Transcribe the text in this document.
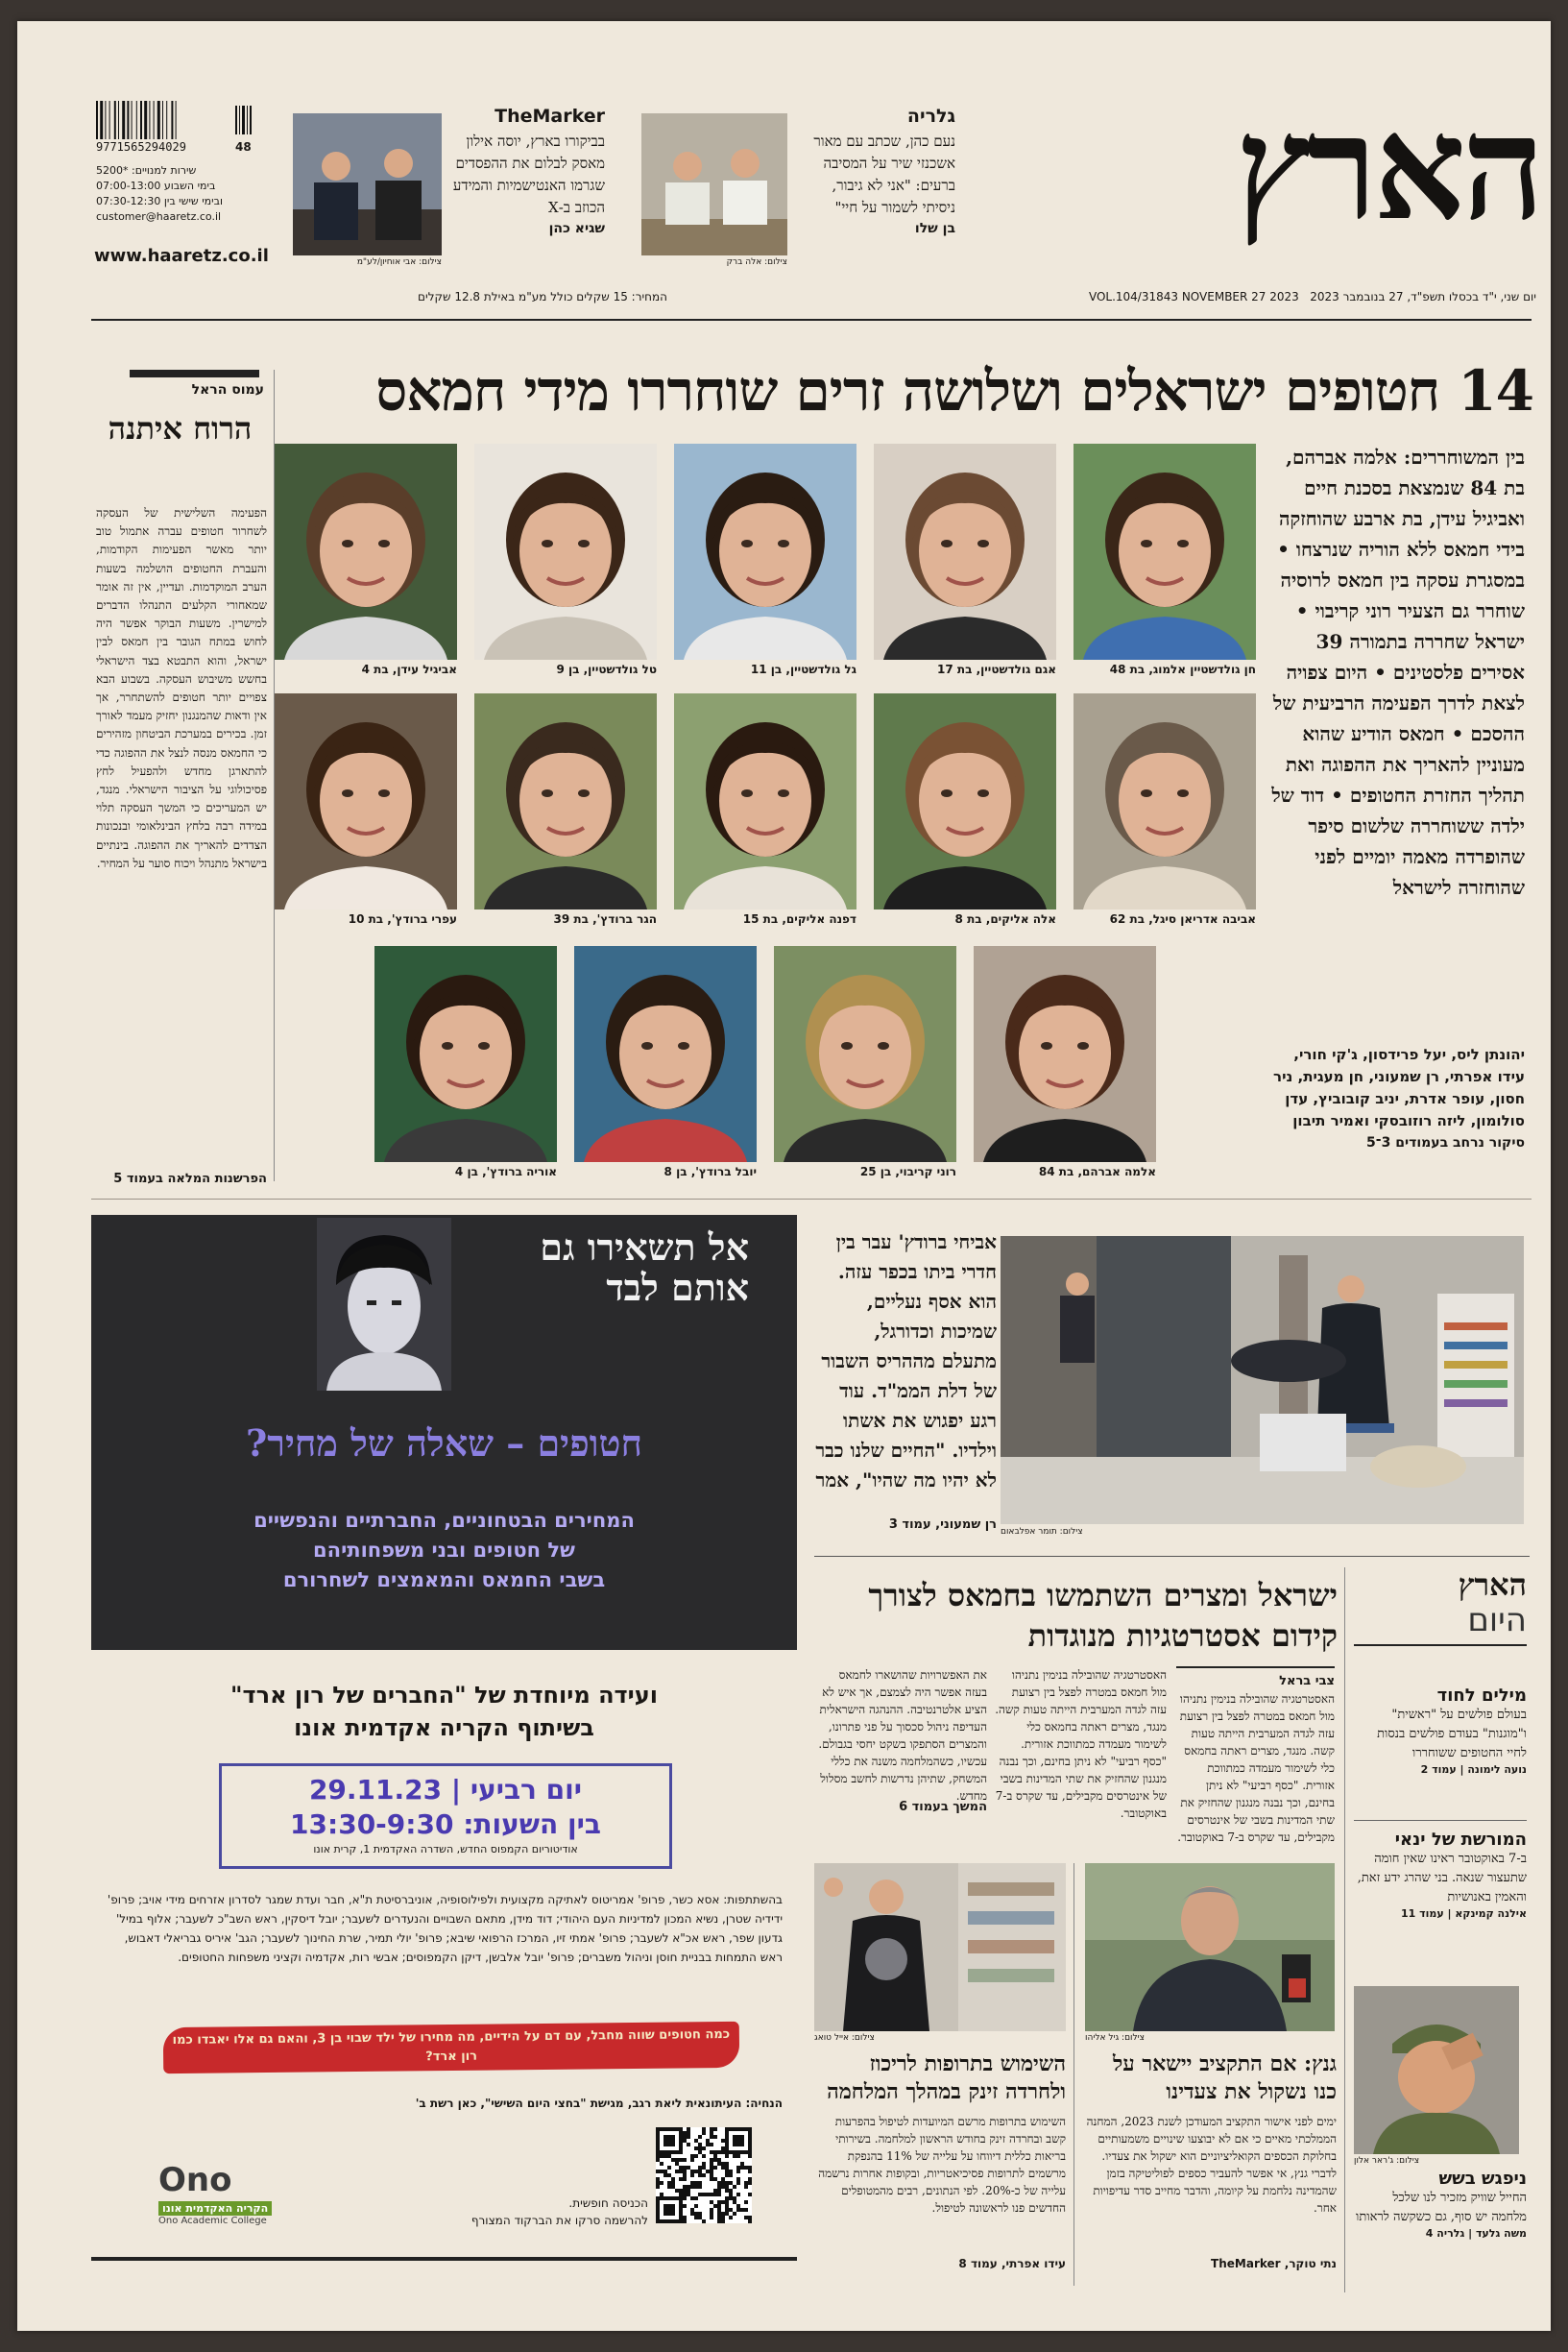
הארץ
יום שני, י"ד בכסלו תשפ"ד, 27 בנובמבר 2023   VOL.104/31843 NOVEMBER 27 2023
המחיר: 15 שקלים כולל מע"מ באילת 12.8 שקלים
9771565294029	48
שירות למנויים: *5200
בימי השבוע 07:00-13:00
ובימי שישי בין 07:30-12:30
customer@haaretz.co.il
www.haaretz.co.il	צילום: אבי אוחיון/לע"מ
TheMarker
בביקורו בארץ, יוסה אילון מאסק לבלום את ההפסדים שגרמו האנטישמיות והמידע הכוזב ב-X
שגיא כהן
צילום: אלה ברק
גלריה
נעם כהן, שכתב עם מאור אשכנזי שיר על המסיבה ברעים: "אני לא גיבור, ניסיתי לשמור על חיי"
בן שלו
14 חטופים ישראלים ושלושה זרים שוחררו מידי חמאס
בין המשוחררים: אלמה אברהם, בת 84 שנמצאת בסכנת חיים ואביגיל עידן, בת ארבע שהוחזקה בידי חמאס ללא הוריה שנרצחו • במסגרת עסקה בין חמאס לרוסיה שוחרר גם הצעיר רוני קריבוי • ישראל שחררה בתמורה 39 אסירים פלסטינים • היום צפויה לצאת לדרך הפעימה הרביעית של ההסכם • חמאס הודיע שהוא מעוניין להאריך את ההפוגה ואת תהליך החזרת החטופים • דוד של ילדה ששוחררה שלשום סיפר שהופרדה מאמה יומיים לפני שהוחזרה לישראל
יהונתן ליס, יעל פרידסון, ג'קי חורי, עידו אפרתי, רן שמעוני, חן מעגית, ניר חסון, עופר אדרת, יניב קובוביץ, עדן סולומון, ליזה רוזובסקי ואמיר תיבון
סיקור נרחב בעמודים 3־5
חן גולדשטיין אלמוג, בת 48
אגם גולדשטיין, בת 17
גל גולדשטיין, בן 11
טל גולדשטיין, בן 9
אביגיל עידן, בת 4
אביבה אדריאן סיגל, בת 62
אלה אליקים, בת 8
דפנה אליקים, בת 15
הגר ברודץ', בת 39
עפרי ברודץ', בת 10
אלמה אברהם, בת 84
רוני קריבוי, בן 25
יובל ברודץ', בן 8
אוריה ברודץ', בן 4
עמוס הראל
הרוח איתנה
הפעימה השלישית של העסקה לשחרור חטופים עברה אתמול טוב יותר מאשר הפעימות הקודמות, והעברת החטופים הושלמה בשעות הערב המוקדמות. ועדיין, אין זה אומר שמאחורי הקלעים התנהלו הדברים למישרין. משעות הבוקר אפשר היה לחוש במתח הגובר בין חמאס לבין ישראל, והוא התבטא בצד הישראלי בחשש משיבוש העסקה. בשבוע הבא צפויים יותר חטופים להשתחרר, אך אין ודאות שהמנגנון יחזיק מעמד לאורך זמן. בכירים במערכת הביטחון מזהירים כי החמאס מנסה לנצל את ההפוגה כדי להתארגן מחדש ולהפעיל לחץ פסיכולוגי על הציבור הישראלי. מנגד, יש המעריכים כי המשך העסקה תלוי במידה רבה בלחץ הבינלאומי ובנכונות הצדדים להאריך את ההפוגה. בינתיים בישראל מתנהל ויכוח סוער על המחיר.
הפרשנות המלאה בעמוד 5
אל תשאירו גם אותם לבד
חטופים – שאלה של מחיר?
המחירים הבטחוניים, החברתיים והנפשיים
של חטופים ובני משפחותיהם
בשבי החמאס והמאמצים לשחרורם
ועידה מיוחדת של "החברים של רון ארד"
בשיתוף הקריה אקדמית אונו
יום רביעי | 29.11.23
בין השעות: 13:30-9:30
אודיטוריום הקמפוס החדש, השדרה האקדמית 1, קרית אונו
בהשתתפות: אסא כשר, פרופ' אמריטוס לאתיקה מקצועית ולפילוסופיה, אוניברסיטת ת"א, חבר ועדת שמגר לסדרון אזרחים מידי אויב; פרופ' ידידיה שטרן, נשיא המכון למדיניות העם היהודי; דוד מידן, מתאם השבויים והנעדרים לשעבר; יובל דיסקין, ראש השב"כ לשעבר; אלוף במיל' גדעון שפר, ראש אכ"א לשעבר; פרופ' אמתי זיו, המרכז הרפואי שיבא; פרופ' יולי תמיר, שרת החינוך לשעבר; הגב' איריס גבריאלי דאבוש, ראש התמחות בבניית חוסן וניהול משברים; פרופ' יובל אלבשן, דיקן הקמפוסים; אבשי רות, אקדמיה וקציני משפחות החטופים.
כמה חטופים שווה מחבל, עם דם על הידיים, מה מחירו של ילד שבוי בן 3, והאם גם אלו יאבדו כמו רון ארד?
הנחיה: העיתונאית ליאת רגב, מגישת "בחצי היום השישי", כאן רשת ב'
הכניסה חופשית.
להרשמה סרקו את הברקוד המצורף
Ono
הקריה האקדמית אונו
Ono Academic College
אביחי ברודץ' עבר בין חדרי ביתו בכפר עזה. הוא אסף נעליים, שמיכות וכדורגל, מתעלם מההריס השבור של דלת הממ"ד. עוד רגע יפגוש את אשתו וילדיו. "החיים שלנו כבר לא יהיו מה שהיו", אמר
רן שמעוני, עמוד 3 צילום: תומר אפלבאום
הארץ
היום
מילים לחוד
בעולם פולשים על "ראשית" ו"מוגנות" בעודם פולשים בנסות לחיי החטופים ששוחררו
נועה לימונה | עמוד 2
המורשת של ינאי
ב-7 באוקטובר ראינו שאין חומה שתעצור שנאה. בני שהרג ידע זאת, והאמין באנושיות
אילנה קמינקא | עמוד 11
צילום: ג'ראר אלון
ניפגש בשש
החייל שוויק מזכיר לנו שלכל מלחמה יש סוף, גם כשקשה לראותו
משה גלעד | גלריה 4
ישראל ומצרים השתמשו בחמאס לצורך קידום אסטרטגיות מנוגדות
צבי בראל
האסטרטגיה שהובילה בנימין נתניהו מול חמאס במטרה לפצל בין רצועת עזה לגדה המערבית הייתה טעות קשה. מנגד, מצרים ראתה בחמאס כלי לשימור מעמדה כמתווכת אזורית. "כסף רביעי" לא ניתן בחינם, וכך נבנה מנגנון שהחזיק את שתי המדינות בשבי של אינטרסים מקבילים, עד שקרס ב-7 באוקטובר.
האסטרטגיה שהובילה בנימין נתניהו מול חמאס במטרה לפצל בין רצועת עזה לגדה המערבית הייתה טעות קשה. מנגד, מצרים ראתה בחמאס כלי לשימור מעמדה כמתווכת אזורית. "כסף רביעי" לא ניתן בחינם, וכך נבנה מנגנון שהחזיק את שתי המדינות בשבי של אינטרסים מקבילים, עד שקרס ב-7 באוקטובר.
את האפשרויות שהושארו לחמאס בעזה אפשר היה לצמצם, אך איש לא הציע אלטרנטיבה. ההנהגה הישראלית העדיפה ניהול סכסוך על פני פתרונו, והמצרים הסתפקו בשקט יחסי בגבולם. עכשיו, כשהמלחמה משנה את כללי המשחק, שתיהן נדרשות לחשב מסלול מחדש.
המשך בעמוד 6
צילום: גיל אליהו
גנץ: אם התקציב יישאר על כנו נשקול את צעדינו
ימים לפני אישור התקציב המעודכן לשנת 2023, המחנה הממלכתי מאיים כי אם לא יבוצעו שינויים משמעותיים בחלוקת הכספים הקואליציוניים הוא ישקול את צעדיו. לדברי גנץ, אי אפשר להעביר כספים לפוליטיקה בזמן שהמדינה נלחמת על קיומה, והדבר מחייב סדר עדיפויות אחר.
נתי טוקר, TheMarker
צילום: אייל טואג
השימוש בתרופות לריכוז ולחרדה זינק במהלך המלחמה
השימוש בתרופות מרשם המיועדות לטיפול בהפרעות קשב ובחרדה זינק בחודש הראשון למלחמה. בשירותי בריאות כללית דיווחו על עלייה של 11% בהנפקת מרשמים לתרופות פסיכיאטריות, ובקופות אחרות נרשמה עלייה של כ-20%. לפי הנתונים, רבים מהמטופלים החדשים פנו לראשונה לטיפול.
עידו אפרתי, עמוד 8
